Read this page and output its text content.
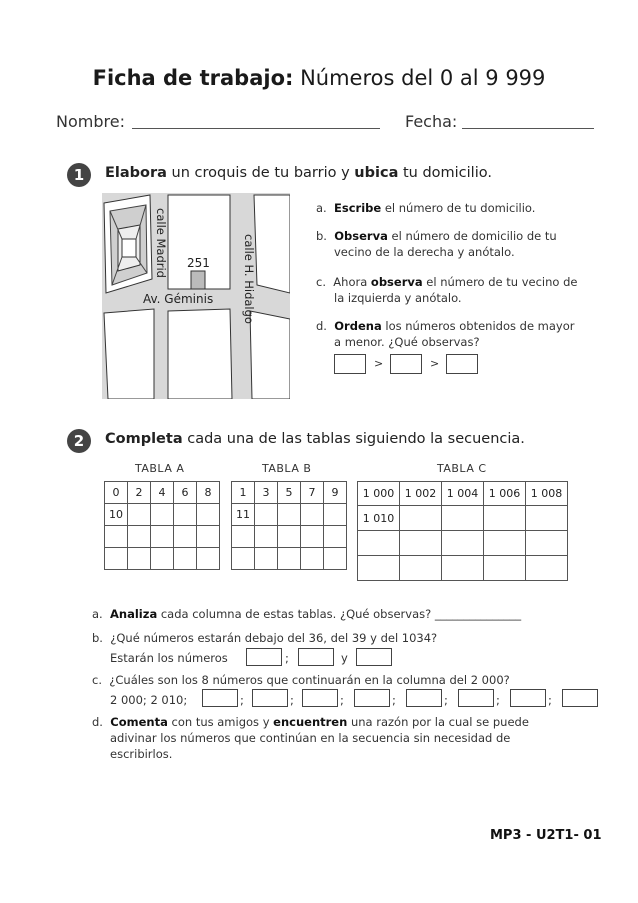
Ficha de trabajo: Números del 0 al 9 999
Nombre:	Fecha:
1	Elabora un croquis de tu barrio y ubica tu domicilio.
calle Madrid	calle H. Hidalgo
251
Av. Géminis
a. Escribe el número de tu domicilio.
b. Observa el número de domicilio de tu
vecino de la derecha y anótalo.
c. Ahora observa el número de tu vecino de
la izquierda y anótalo.
d. Ordena los números obtenidos de mayor
a menor. ¿Qué observas?
>	>
2	Completa cada una de las tablas siguiendo la secuencia.
TABLA A	TABLA B	TABLA C
0	2	4	6	8
10				

1	3	5	7	9
11				

1 000	1 002	1 004	1 006	1 008
1 010				

a. Analiza cada columna de estas tablas. ¿Qué observas? _______________
b. ¿Qué números estarán debajo del 36, del 39 y del 1034?
Estarán los números	;	y
c. ¿Cuáles son los 8 números que continuarán en la columna del 2 000?
2 000; 2 010;	;	;	;	;	;	;	;
d. Comenta con tus amigos y encuentren una razón por la cual se puede
adivinar los números que continúan en la secuencia sin necesidad de
escribirlos.
MP3 - U2T1- 01
